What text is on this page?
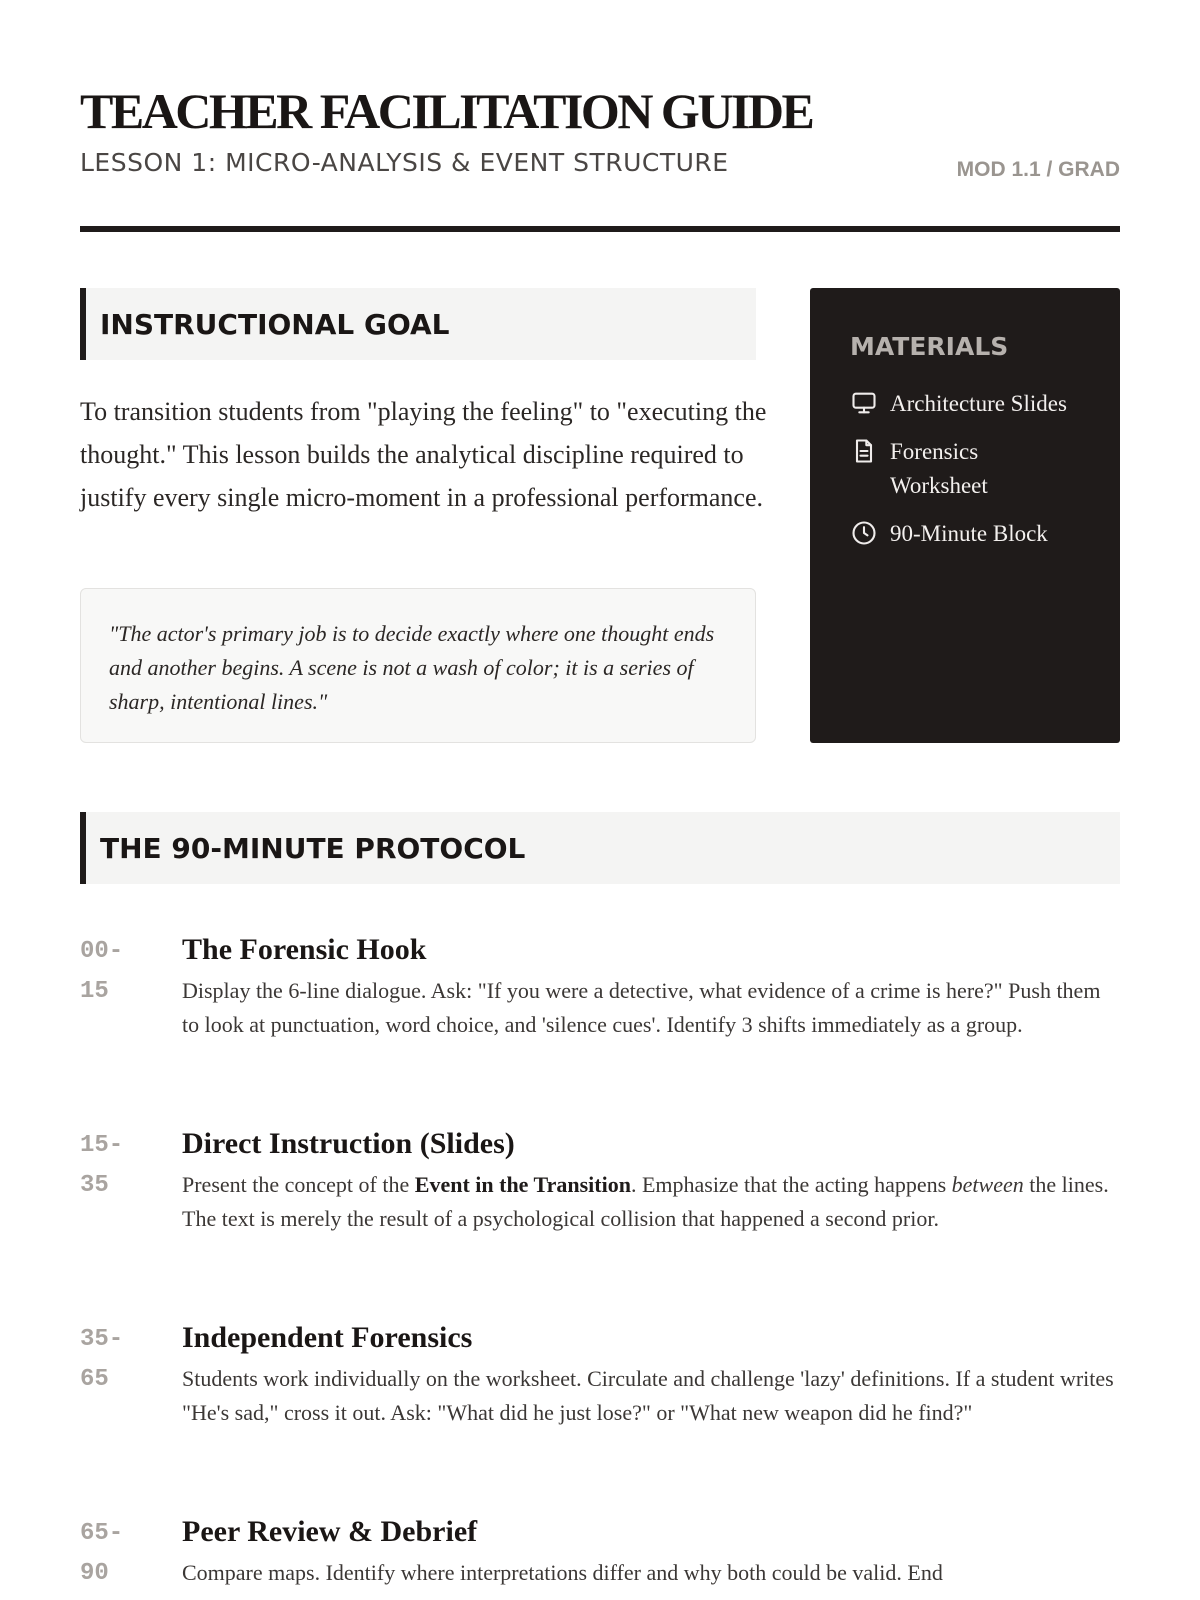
TEACHER FACILITATION GUIDE
LESSON 1: MICRO-ANALYSIS & EVENT STRUCTURE	MOD 1.1 / GRAD
INSTRUCTIONAL GOAL

To transition students from "playing the feeling" to "executing the thought." This lesson builds the analytical discipline required to justify every single micro-moment in a professional performance.

"The actor's primary job is to decide exactly where one thought ends and another begins. A scene is not a wash of color; it is a series of sharp, intentional lines."
MATERIALS
Architecture Slides
Forensics Worksheet
90-Minute Block
THE 90-MINUTE PROTOCOL
00-15
The Forensic Hook

Display the 6-line dialogue. Ask: "If you were a detective, what evidence of a crime is here?" Push them to look at punctuation, word choice, and 'silence cues'. Identify 3 shifts immediately as a group.

15-35
Direct Instruction (Slides)

Present the concept of the Event in the Transition. Emphasize that the acting happens between the lines. The text is merely the result of a psychological collision that happened a second prior.

35-65
Independent Forensics

Students work individually on the worksheet. Circulate and challenge 'lazy' definitions. If a student writes "He's sad," cross it out. Ask: "What did he just lose?" or "What new weapon did he find?"

65-90
Peer Review & Debrief

Compare maps. Identify where interpretations differ and why both could be valid. End
